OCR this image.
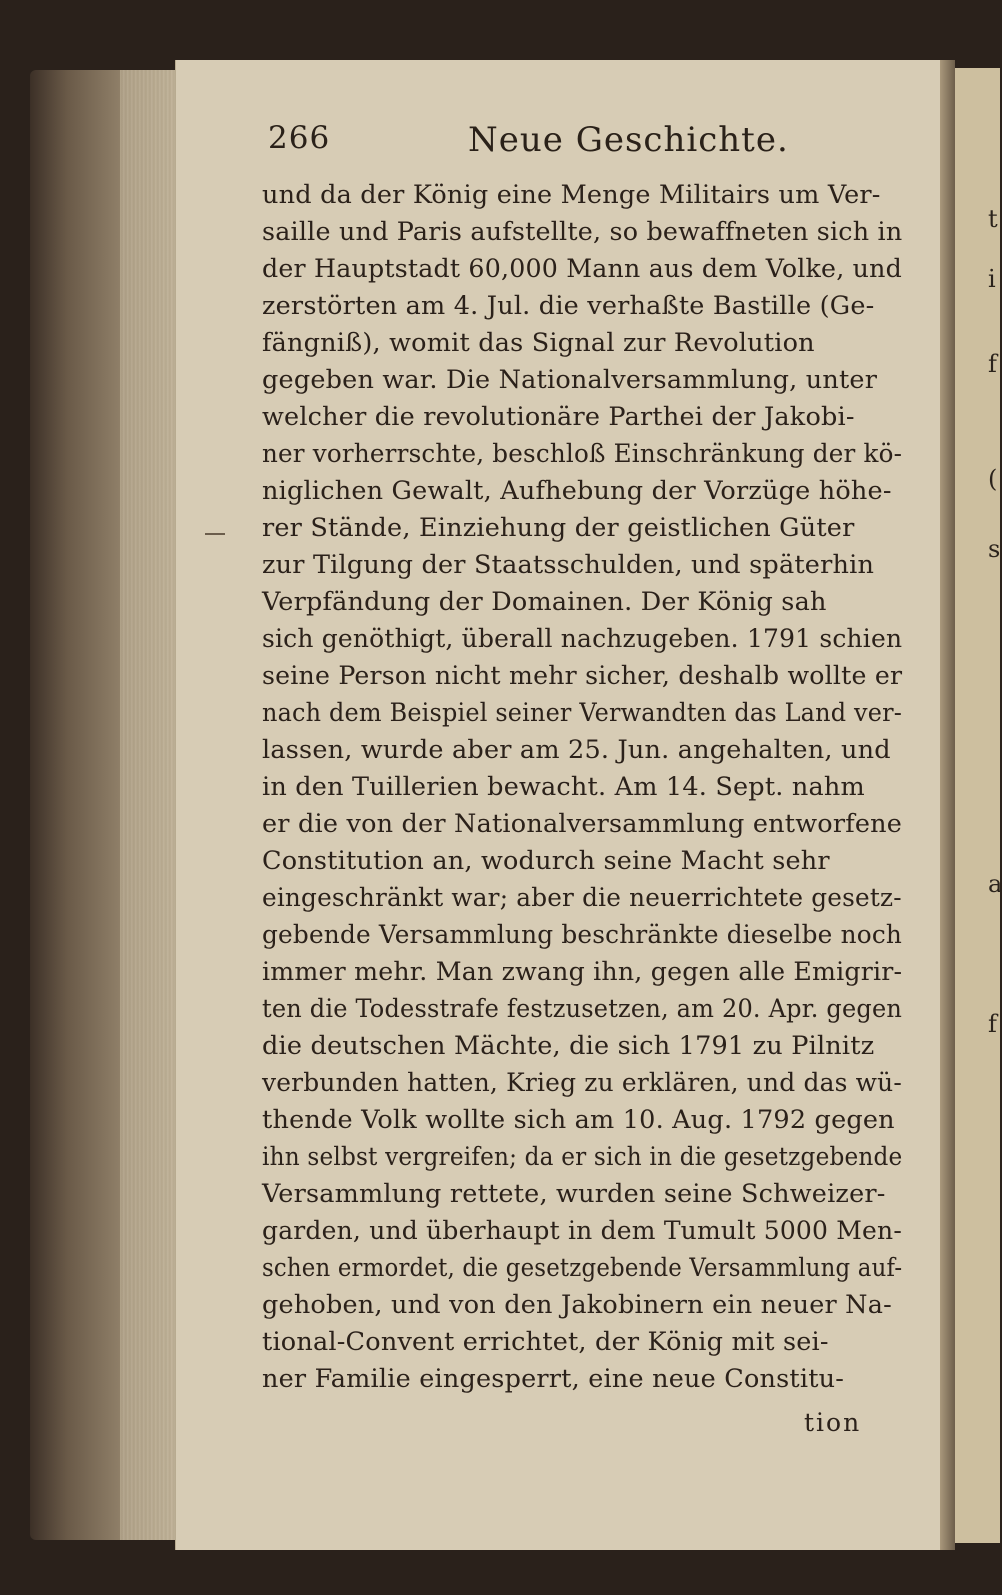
t
i
f
(
s
a
f
266	Neue Geschichte.
und da der König eine Menge Militairs um Ver-
saille und Paris aufstellte, so bewaffneten sich in
der Hauptstadt 60,000 Mann aus dem Volke, und
zerstörten am 4. Jul. die verhaßte Bastille (Ge-
fängniß), womit das Signal zur Revolution
gegeben war. Die Nationalversammlung, unter
welcher die revolutionäre Parthei der Jakobi-
ner vorherrschte, beschloß Einschränkung der kö-
niglichen Gewalt, Aufhebung der Vorzüge höhe-
rer Stände, Einziehung der geistlichen Güter
zur Tilgung der Staatsschulden, und späterhin
Verpfändung der Domainen. Der König sah
sich genöthigt, überall nachzugeben. 1791 schien
seine Person nicht mehr sicher, deshalb wollte er
nach dem Beispiel seiner Verwandten das Land ver-
lassen, wurde aber am 25. Jun. angehalten, und
in den Tuillerien bewacht. Am 14. Sept. nahm
er die von der Nationalversammlung entworfene
Constitution an, wodurch seine Macht sehr
eingeschränkt war; aber die neuerrichtete gesetz-
gebende Versammlung beschränkte dieselbe noch
immer mehr. Man zwang ihn, gegen alle Emigrir-
ten die Todesstrafe festzusetzen, am 20. Apr. gegen
die deutschen Mächte, die sich 1791 zu Pilnitz
verbunden hatten, Krieg zu erklären, und das wü-
thende Volk wollte sich am 10. Aug. 1792 gegen
ihn selbst vergreifen; da er sich in die gesetzgebende
Versammlung rettete, wurden seine Schweizer-
garden, und überhaupt in dem Tumult 5000 Men-
schen ermordet, die gesetzgebende Versammlung auf-
gehoben, und von den Jakobinern ein neuer Na-
tional-Convent errichtet, der König mit sei-
ner Familie eingesperrt, eine neue Constitu-
tion
